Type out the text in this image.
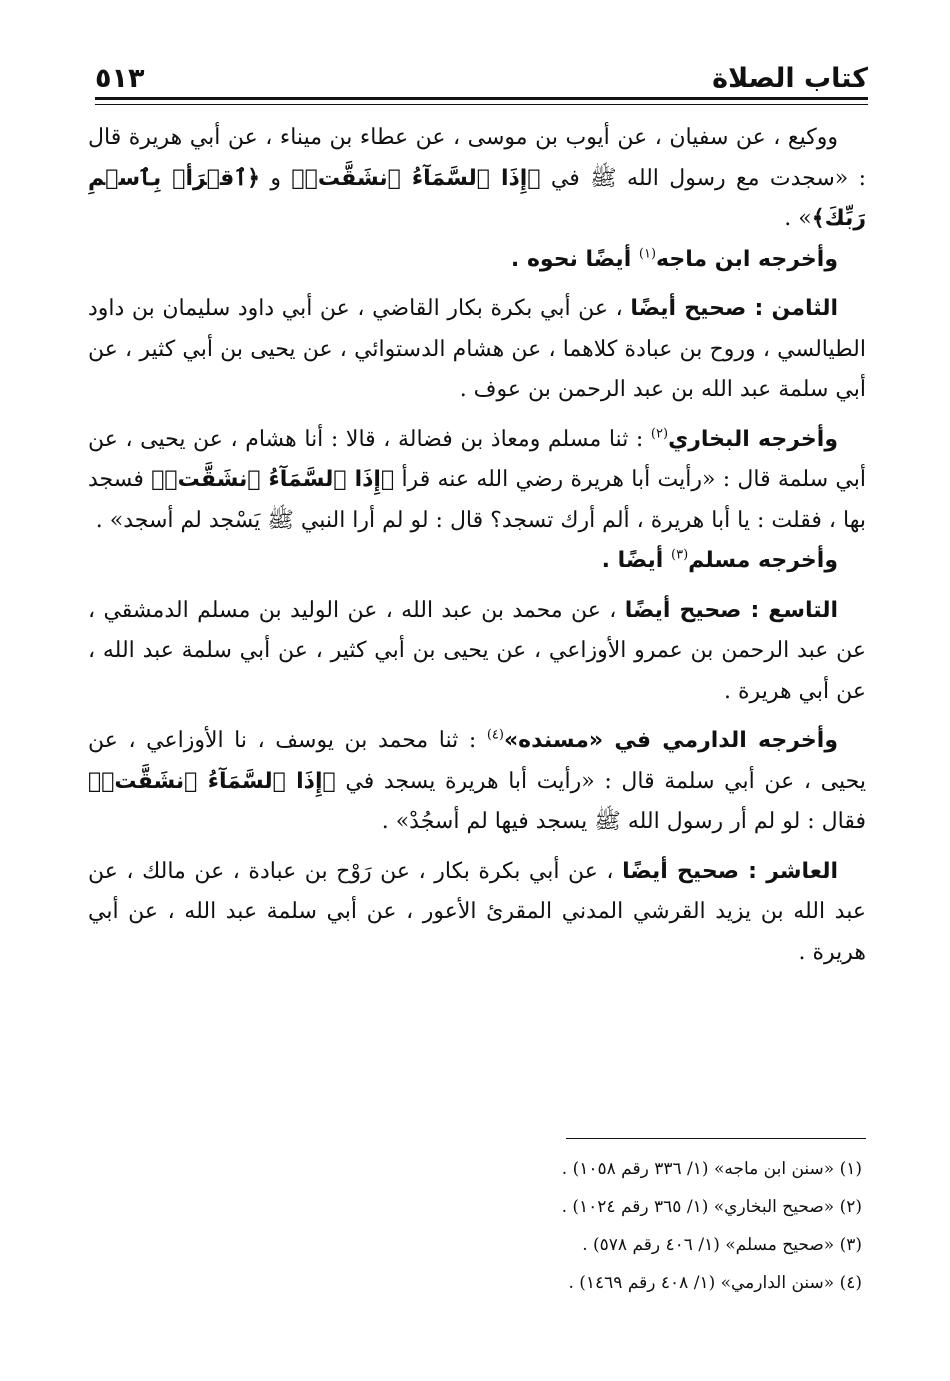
كتاب الصلاة
٥١٣

ووكيع ، عن سفيان ، عن أيوب بن موسى ، عن عطاء بن ميناء ، عن أبي هريرة قال : «سجدت مع رسول الله ﷺ في ﴿إِذَا ٱلسَّمَآءُ ٱنشَقَّتۡ﴾ و ﴿ٱقۡرَأۡ بِٱسۡمِ رَبِّكَ﴾» .

وأخرجه ابن ماجه$^{(١)}$ أيضًا نحوه .

الثامن : صحيح أيضًا ، عن أبي بكرة بكار القاضي ، عن أبي داود سليمان بن داود الطيالسي ، وروح بن عبادة كلاهما ، عن هشام الدستوائي ، عن يحيى بن أبي كثير ، عن أبي سلمة عبد الله بن عبد الرحمن بن عوف .

وأخرجه البخاري$^{(٢)}$ : ثنا مسلم ومعاذ بن فضالة ، قالا : أنا هشام ، عن يحيى ، عن أبي سلمة قال : «رأيت أبا هريرة رضي الله عنه قرأ ﴿إِذَا ٱلسَّمَآءُ ٱنشَقَّتۡ﴾ فسجد بها ، فقلت : يا أبا هريرة ، ألم أرك تسجد؟ قال : لو لم أرا النبي ﷺ يَسْجد لم أسجد» .

وأخرجه مسلم$^{(٣)}$ أيضًا .

التاسع : صحيح أيضًا ، عن محمد بن عبد الله ، عن الوليد بن مسلم الدمشقي ، عن عبد الرحمن بن عمرو الأوزاعي ، عن يحيى بن أبي كثير ، عن أبي سلمة عبد الله ، عن أبي هريرة .

وأخرجه الدارمي في «مسنده»$^{(٤)}$ : ثنا محمد بن يوسف ، نا الأوزاعي ، عن يحيى ، عن أبي سلمة قال : «رأيت أبا هريرة يسجد في ﴿إِذَا ٱلسَّمَآءُ ٱنشَقَّتۡ﴾ فقال : لو لم أر رسول الله ﷺ يسجد فيها لم أسجُدْ» .

العاشر : صحيح أيضًا ، عن أبي بكرة بكار ، عن رَوْح بن عبادة ، عن مالك ، عن عبد الله بن يزيد القرشي المدني المقرئ الأعور ، عن أبي سلمة عبد الله ، عن أبي هريرة .

(١) «سنن ابن ماجه» (١/ ٣٣٦ رقم ١٠٥٨) .

(٢) «صحيح البخاري» (١/ ٣٦٥ رقم ١٠٢٤) .

(٣) «صحيح مسلم» (١/ ٤٠٦ رقم ٥٧٨) .

(٤) «سنن الدارمي» (١/ ٤٠٨ رقم ١٤٦٩) .
